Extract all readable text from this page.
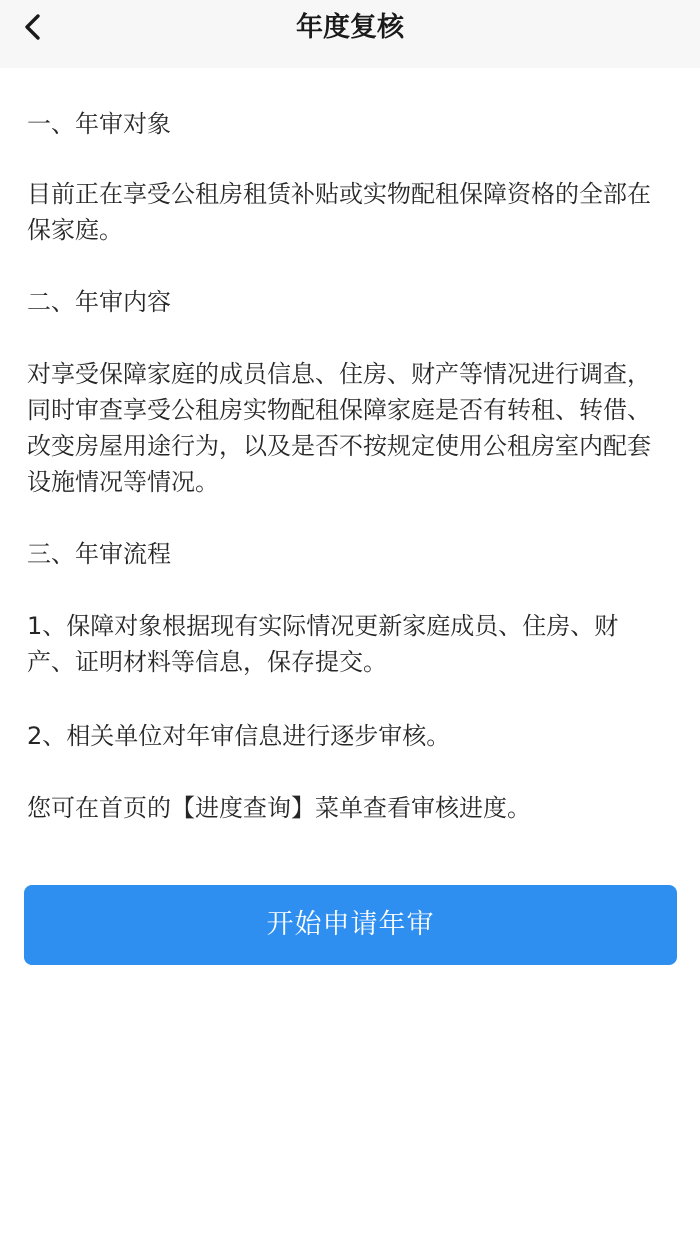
年度复核

一、年审对象

目前正在享受公租房租赁补贴或实物配租保障资格的全部在保家庭。

二、年审内容

对享受保障家庭的成员信息、住房、财产等情况进行调查，同时审查享受公租房实物配租保障家庭是否有转租、转借、改变房屋用途行为，以及是否不按规定使用公租房室内配套设施情况等情况。

三、年审流程

1、保障对象根据现有实际情况更新家庭成员、住房、财产、证明材料等信息，保存提交。

2、相关单位对年审信息进行逐步审核。

您可在首页的【进度查询】菜单查看审核进度。

开始申请年审
